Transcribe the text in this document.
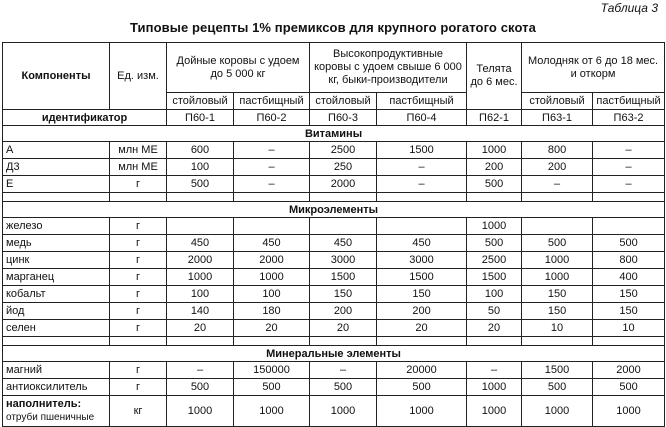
Таблица 3
Типовые рецепты 1% премиксов для крупного рогатого скота
Компоненты	Ед. изм.	Дойные коровы с удоем до 5 000 кг		Высокопродуктивные коровы с удоем свыше 6 000 кг, быки-производители		Телята до 6 мес.	Молодняк от 6 до 18 мес. и откорм	
		стойловый	пастбищный	стойловый	пастбищный		стойловый	пастбищный
идентификатор		П60-1	П60-2	П60-3	П60-4	П62-1	П63-1	П63-2
Витамины								
A	млн МЕ	600	–	2500	1500	1000	800	–
Д3	млн МЕ	100	–	250	–	200	200	–
E	г	500	–	2000	–	500	–	–

Микроэлементы								
железо	г					1000		
медь	г	450	450	450	450	500	500	500
цинк	г	2000	2000	3000	3000	2500	1000	800
марганец	г	1000	1000	1500	1500	1500	1000	400
кобальт	г	100	100	150	150	100	150	150
йод	г	140	180	200	200	50	150	150
селен	г	20	20	20	20	20	10	10

Минеральные элементы								
магний	г	–	150000	–	20000	–	1500	2000
антиоксилитель	г	500	500	500	500	1000	500	500
наполнитель:
отруби пшеничные	кг	1000	1000	1000	1000	1000	1000	1000
